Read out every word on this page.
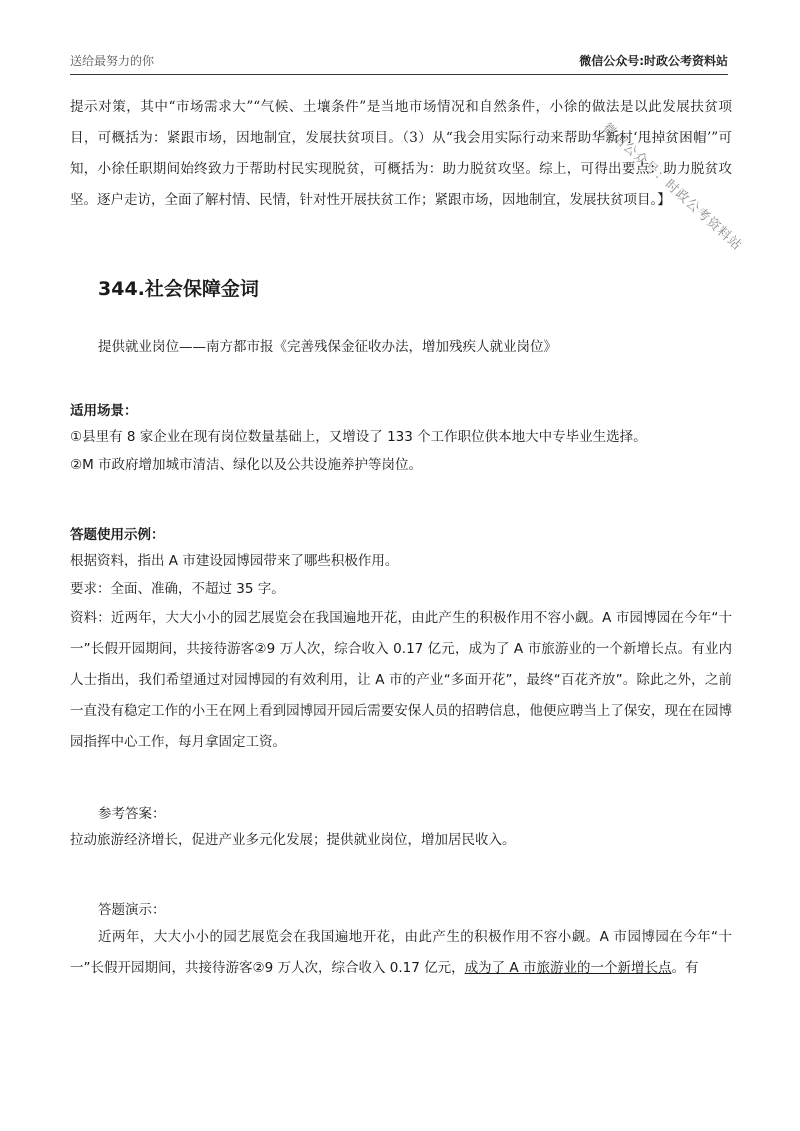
送给最努力的你	微信公众号:时政公考资料站
微信公众号：时政公考资料站

提示对策，其中“市场需求大”“气候、土壤条件”是当地市场情况和自然条件，小徐的做法是以此发展扶贫项目，可概括为：紧跟市场，因地制宜，发展扶贫项目。（3）从“我会用实际行动来帮助华新村‘甩掉贫困帽’”可知，小徐任职期间始终致力于帮助村民实现脱贫，可概括为：助力脱贫攻坚。综上，可得出要点：助力脱贫攻坚。逐户走访，全面了解村情、民情，针对性开展扶贫工作；紧跟市场，因地制宜，发展扶贫项目。】

344.社会保障金词
提供就业岗位——南方都市报《完善残保金征收办法，增加残疾人就业岗位》
适用场景：

①县里有 8 家企业在现有岗位数量基础上，又增设了 133 个工作职位供本地大中专毕业生选择。

②M 市政府增加城市清洁、绿化以及公共设施养护等岗位。

答题使用示例：

根据资料，指出 A 市建设园博园带来了哪些积极作用。

要求：全面、准确，不超过 35 字。

资料：近两年，大大小小的园艺展览会在我国遍地开花，由此产生的积极作用不容小觑。A 市园博园在今年“十一”长假开园期间，共接待游客②9 万人次，综合收入 0.17 亿元，成为了 A 市旅游业的一个新增长点。有业内人士指出，我们希望通过对园博园的有效利用，让 A 市的产业“多面开花”，最终“百花齐放”。除此之外，之前一直没有稳定工作的小王在网上看到园博园开园后需要安保人员的招聘信息，他便应聘当上了保安，现在在园博园指挥中心工作，每月拿固定工资。

参考答案：

拉动旅游经济增长，促进产业多元化发展；提供就业岗位，增加居民收入。

答题演示：

近两年，大大小小的园艺展览会在我国遍地开花，由此产生的积极作用不容小觑。A 市园博园在今年“十一”长假开园期间，共接待游客②9 万人次，综合收入 0.17 亿元，成为了 A 市旅游业的一个新增长点。有
